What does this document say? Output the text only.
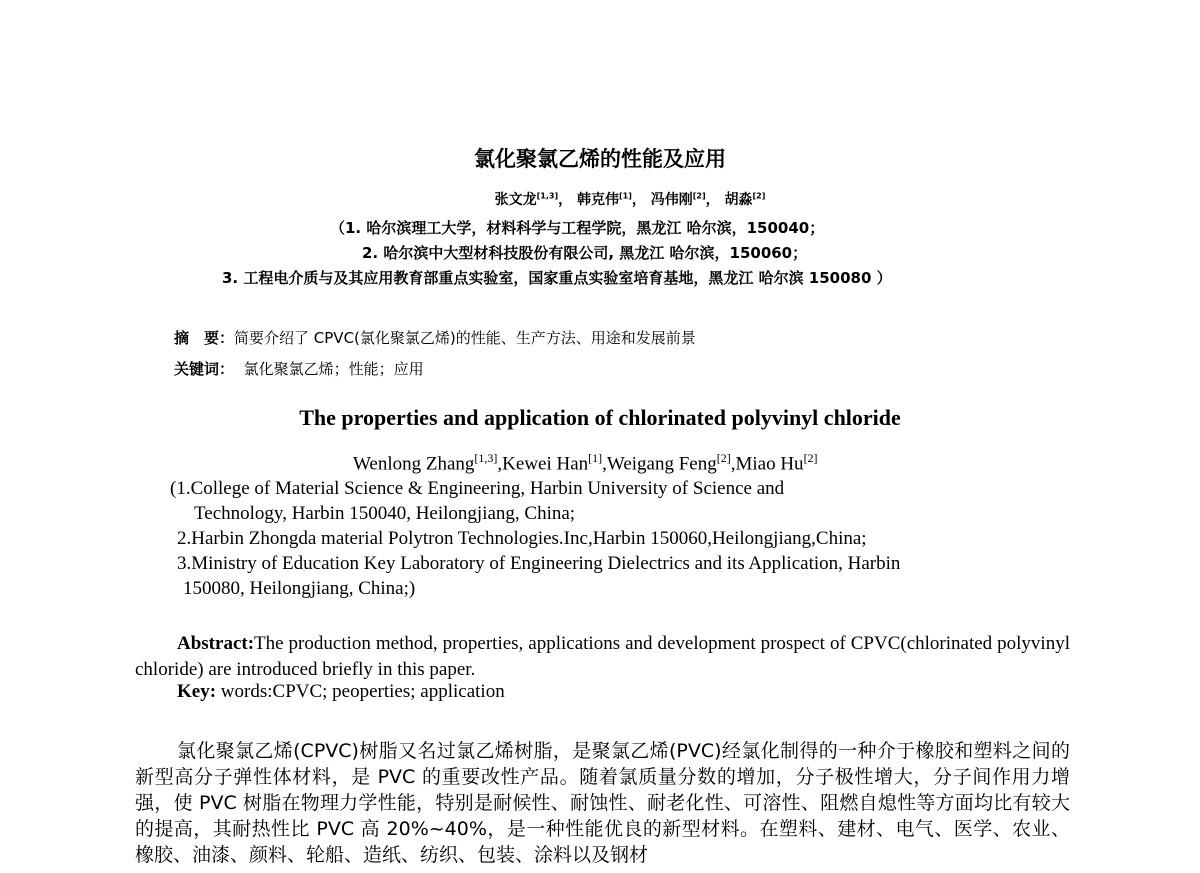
氯化聚氯乙烯的性能及应用
张文龙[1,3]， 韩克伟[1]， 冯伟刚[2]， 胡淼[2]
（1. 哈尔滨理工大学，材料科学与工程学院，黑龙江 哈尔滨，150040；
2. 哈尔滨中大型材科技股份有限公司, 黑龙江 哈尔滨，150060；
3. 工程电介质与及其应用教育部重点实验室，国家重点实验室培育基地，黑龙江 哈尔滨 150080 ）
摘　要：简要介绍了 CPVC(氯化聚氯乙烯)的性能、生产方法、用途和发展前景
关键词： 氯化聚氯乙烯；性能；应用
The properties and application of chlorinated polyvinyl chloride
Wenlong Zhang[1,3],Kewei Han[1],Weigang Feng[2],Miao Hu[2]
(1.College of Material Science & Engineering, Harbin University of Science and
Technology, Harbin 150040, Heilongjiang, China;
2.Harbin Zhongda material Polytron Technologies.Inc,Harbin 150060,Heilongjiang,China;
3.Ministry of Education Key Laboratory of Engineering Dielectrics and its Application, Harbin
150080, Heilongjiang, China;)
Abstract:The production method, properties, applications and development prospect of CPVC(chlorinated polyvinyl chloride) are introduced briefly in this paper.
Key: words:CPVC; peoperties; application
氯化聚氯乙烯(CPVC)树脂又名过氯乙烯树脂，是聚氯乙烯(PVC)经氯化制得的一种介于橡胶和塑料之间的新型高分子弹性体材料，是 PVC 的重要改性产品。随着氯质量分数的增加，分子极性增大，分子间作用力增强，使 PVC 树脂在物理力学性能，特别是耐候性、耐蚀性、耐老化性、可溶性、阻燃自熄性等方面均比有较大的提高，其耐热性比 PVC 高 20%~40%，是一种性能优良的新型材料。在塑料、建材、电气、医学、农业、橡胶、油漆、颜料、轮船、造纸、纺织、包装、涂料以及钢材
